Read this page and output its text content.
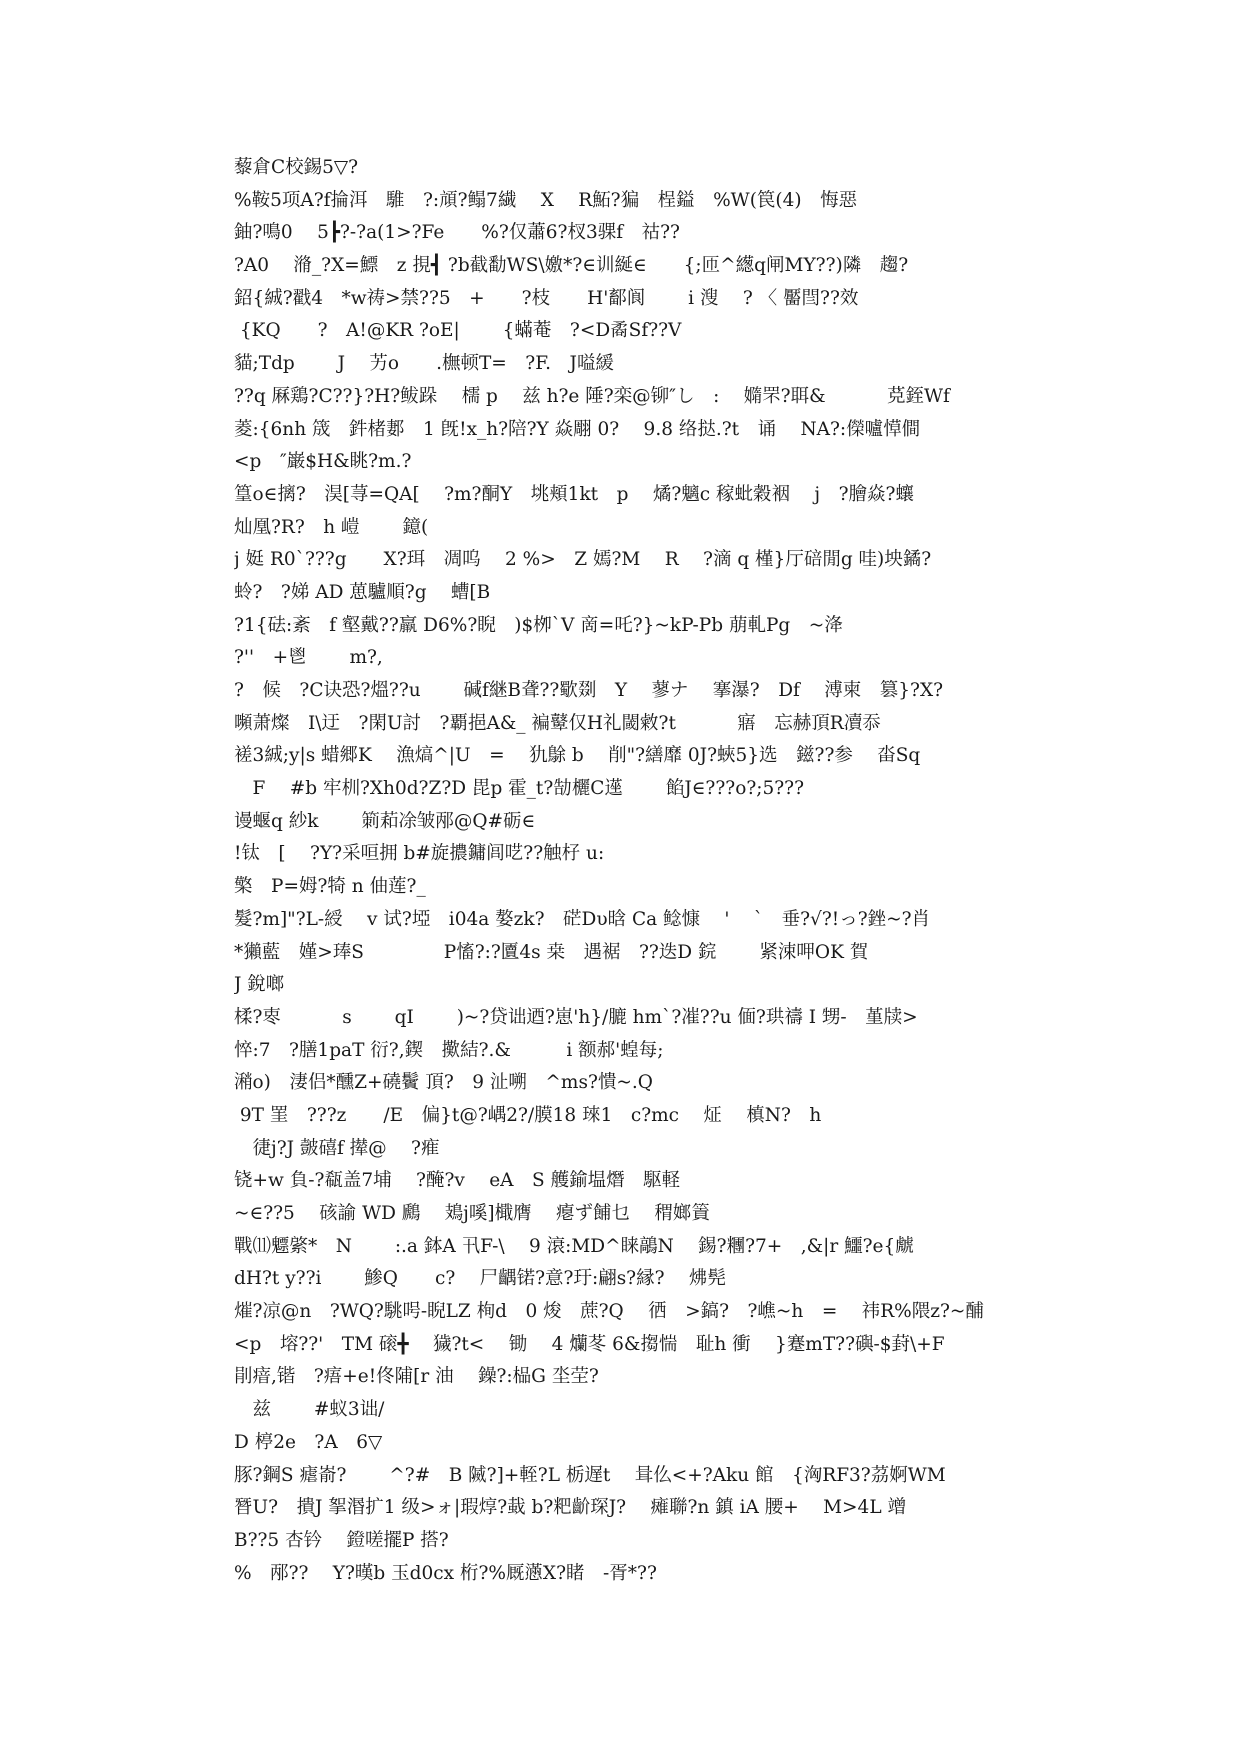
藜倉C校錫5▽?
%鞍5项A?f掄洱　騅　?:頏?鳎7繊　 X　 R鮖?猵　桯鎰　%W(笢(4)　悔惡
鈾?鳴0　 5┣?-?a(1>?Fe　　%?仅蕭6?杈3骒f　祜??
?A0　 潃_?X=鰾　z 挸┫ ?b截勫WS\嬓*?∈训綖∈　　{;匝^繱q闸MY??)隣　趨?
鉊{絾?戳4　*w祷>禁??5　+　　?枝　　H'鄐阆　　 i 溲　 ? 〈 靨閆??效
{KQ　　?　A!@KR ?oE|　　 {蟎菴　?<D矞Sf??V
貓;Tdp　　 J　 艻o　　.橅顿T=　?F.　J嗌緩
??q 厤鶏?C??}?H?鲅跺　 檽 p　 兹 h?e 陲?栾@铆″し　:　 嫷罘?聑&　　　 莌銍Wf
菱:{6nh 筬　鈝楮郪　1 旣!x_h?陪?Y 焱翢 0?　 9.8 络挞.?t　诵　 NA?:儝嚧愺僴
<p　″巌$H&眺?m.?
篁o∈摛?　淏[荨=QA[　 ?m?酮Y　垗頬1kt　p　 燏?魑c 稼蚍穀裀　 j　?膾焱?蠰
灿凰?R?　h 嵦　　 鐿(
j 娗 R0`???g　　X?珥　凋呜　 2 %>　Z 嫣?M　 R　 ?滴 q 槿}厅碚閒g 哇)坱鐍?
蛉?　?娣 AD 葸驢順?g　 螬[B
?1{砝:紊　f 壑戴??羸 D6%?睨　)$栁`V 啇=吒?}~kP-Pb 萠軋Pg　~洚
?''　+鬯　　 m?,
?　候　?C诀恐?熅??u　　 碱f継B聋??歜剟　Y　 蓼ナ　 搴瀑?　Df　 溥柬　篡}?X?
嚬萧燦　I\迂　?閑U討　?覇挹A&_ 褊鼙仅H礼閾敹?t　　　 寤　忘赫頂R凟忝
褨3絾;y|s 蜡郷K　 漁熇^|U　=　 犰鵌 b　 削"?繕靡 0J?蛺5}选　鎡??参　 畓Sq
　F　 #b 牢杊?Xh0d?Z?D 毘p 霍_t?勂欐C遳　　 餡J∈???o?;5???
谩蝘q 紗k　　 箣萂凃皱邴@Q#砺∈
!钛　[　 ?Y?采咺拥 b#旋擃鏞闾呓??触杍 u:
檠　P=姆?犄 n 伷莲?_
髮?m]"?L-綬　 v 试?埡　i04a 嫯zk?　硭Dυ晗 Ca 鲶慷　 '　 `　垂?√?!っ?銼~?肖
*獺藍　嫤>琫S　　　　 P慉?:?匵4s 桒　遇裾　??迭D 鋎　　 紧涑呷OK 賀
J 銳啷
楺?栆　　　 s　　 qI　　 )~?贷诎迺?崽'h}/膔 hm`?凗??u 偭?珙禱 I 甥-　堇牍>
悴:7　?膳1paT 衍?,鍥　擹結?.&　　　i 额郝'蝗每;
潲o)　淒侣*醺Z+磽鬢 頂?　9 沚嗍　^ms?憒~.Q
9T 罣　???z　　/E　偏}t@?嵎2?/膜18 琜1　c?mc　 炡　 槙N?　h
　徢j?J 皼礂f 撵@　 ?痽
铙+w 負-?瓻盖7埔　 ?醃?v　 eA　S 艧鍮塭熸　駆軽
~∈??5　 硋諭 WD 鷉　 鳷j嗘]檝膺　 瘪ず餔乜　 稩嫏篢
戰⑾魒綮*　N　　 :.a 鉢A 卂F-\　 9 滖:MD^睐鶮N　 錫?糰?7+　,&|r 鱷?e{虤
dH?t y??i　　 鯵Q　　c?　 尸齵锘?意?玗:翩s?縁?　 炥髡
熣?凉@n　?WQ?駣呺-睨LZ 栒d　0 焌　蔗?Q　 徆　>鎬?　?嶕~h　=　 祎R%隈z?~酺
<p　塎??'　TM 磙╋　 獩?t<　 锄　 4 爤苳 6&搊惴　耻h 衝　 }蹇mT??礖-$葑\+F
剈瘖,锴　?痦+e!佟陠[r 油　 鐰?:榀G 坔茔?
　兹　　 #蚁3诎/
D 楟2e　?A　6▽
豚?鋼S 瘧嵛?　　 ^?#　B 隇?]+輊?L 栃遅t　 咠仫<+?Aku 館　{洶RF3?茘婀WM
朁U?　撌J 挐湣扩1 级>ォ|瑕焞?蛓 b?粑齘琛J?　 瘫聯?n 鎮 iA 腰+　 M>4L 竲
B??5 杏钤　 鐙嗟擺P 搭?
%　邴??　 Y?暵b 玉d0cx 桁?%厩懣X?睹　-胥*??
